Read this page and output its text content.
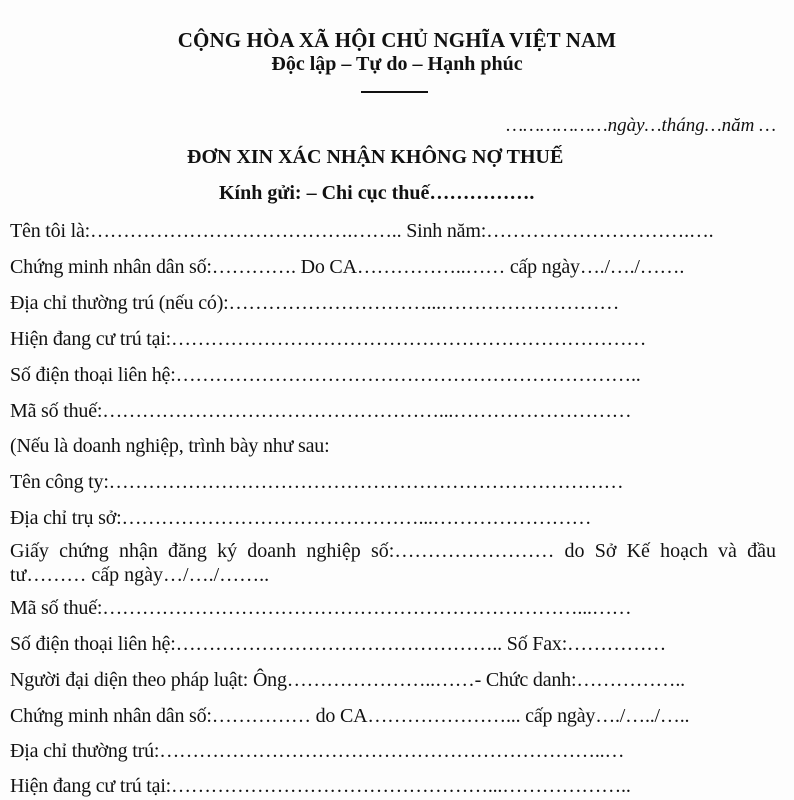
CỘNG HÒA XÃ HỘI CHỦ NGHĨA VIỆT NAM
Độc lập – Tự do – Hạnh phúc
………………ngày…tháng…năm …
ĐƠN XIN XÁC NHẬN KHÔNG NỢ THUẾ
Kính gửi: – Chi cục thuế…………….
Tên tôi là:………………………………….…….. Sinh năm:………………………….….
Chứng minh nhân dân số:…………. Do CA……………..…… cấp ngày…./…./…….
Địa chỉ thường trú (nếu có):…………………………...………………………
Hiện đang cư trú tại:………………………………………………………………
Số điện thoại liên hệ:……………………………………………………………..
Mã số thuế:……………………………………………...………………………
(Nếu là doanh nghiệp, trình bày như sau:
Tên công ty:……………………………………………………………………
Địa chỉ trụ sở:………………………………………...……………………
Giấy chứng nhận đăng ký doanh nghiệp số:…………………… do Sở Kế hoạch và đầu tư……… cấp ngày…/…./……..
Mã số thuế:………………………………………………………………...……
Số điện thoại liên hệ:………………………………………….. Số Fax:……………
Người đại diện theo pháp luật: Ông…………………..……- Chức danh:……………..
Chứng minh nhân dân số:…………… do CA…………………... cấp ngày…./…../…..
Địa chỉ thường trú:…………………………………………………………..…
Hiện đang cư trú tại:…………………………………………...………………..
